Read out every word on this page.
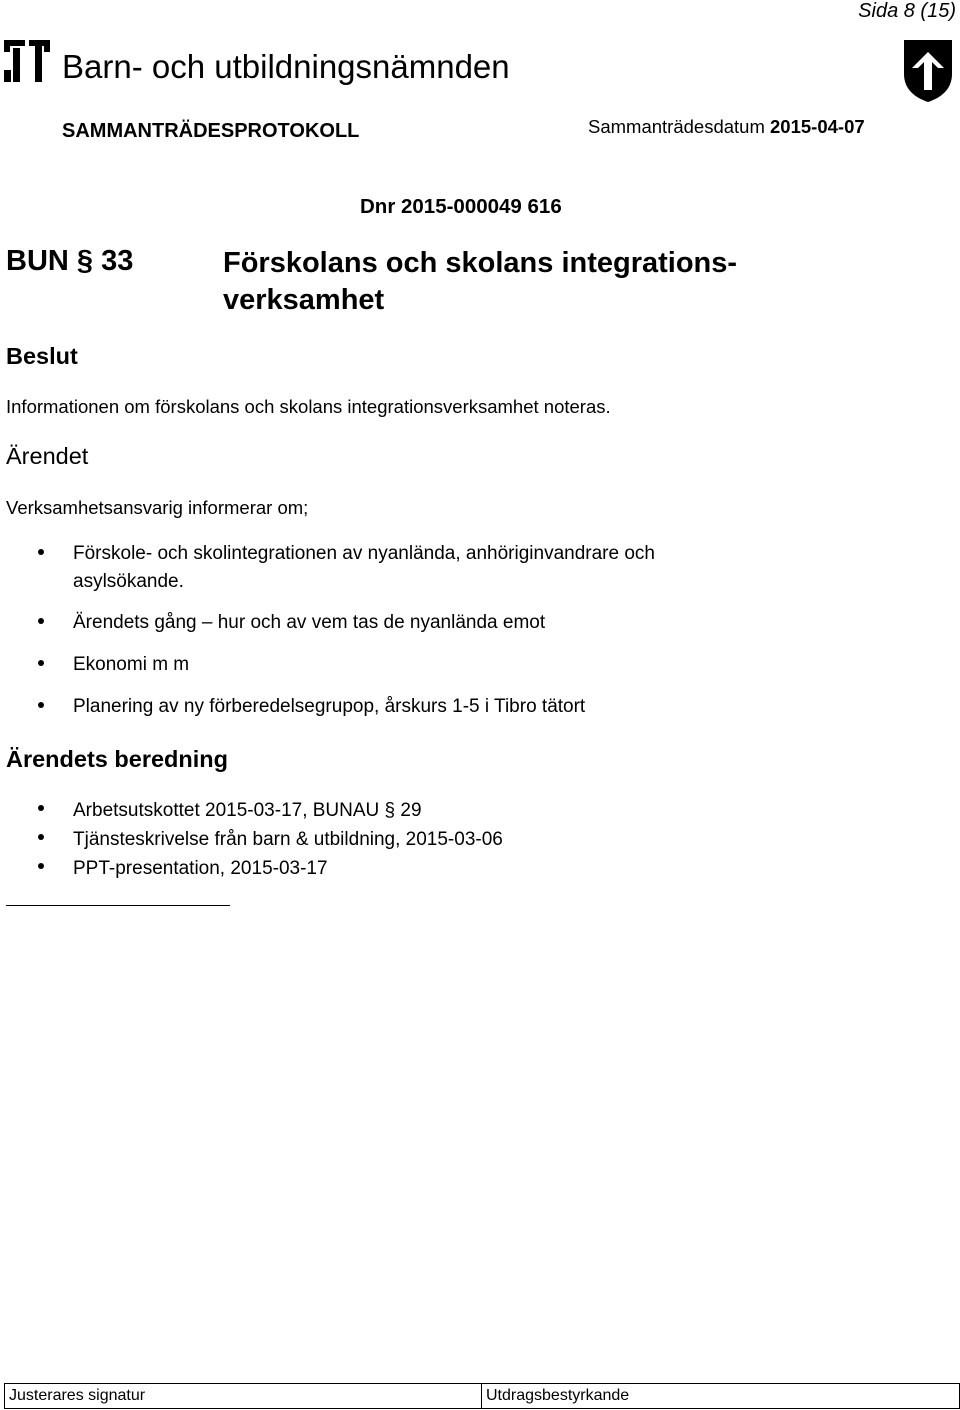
Sida 8 (15)
Barn- och utbildningsnämnden
SAMMANTRÄDESPROTOKOLL	Sammanträdesdatum 2015-04-07
Dnr 2015-000049 616
BUN § 33	Förskolans och skolans integrations-
verksamhet
Beslut
Informationen om förskolans och skolans integrationsverksamhet noteras.
Ärendet
Verksamhetsansvarig informerar om;
Förskole- och skolintegrationen av nyanlända, anhöriginvandrare och
asylsökande.
Ärendets gång – hur och av vem tas de nyanlända emot
Ekonomi m m
Planering av ny förberedelsegrupop, årskurs 1-5 i Tibro tätort
Ärendets beredning
Arbetsutskottet 2015-03-17, BUNAU § 29
Tjänsteskrivelse från barn & utbildning, 2015-03-06
PPT-presentation, 2015-03-17
Justerares signatur	Utdragsbestyrkande
